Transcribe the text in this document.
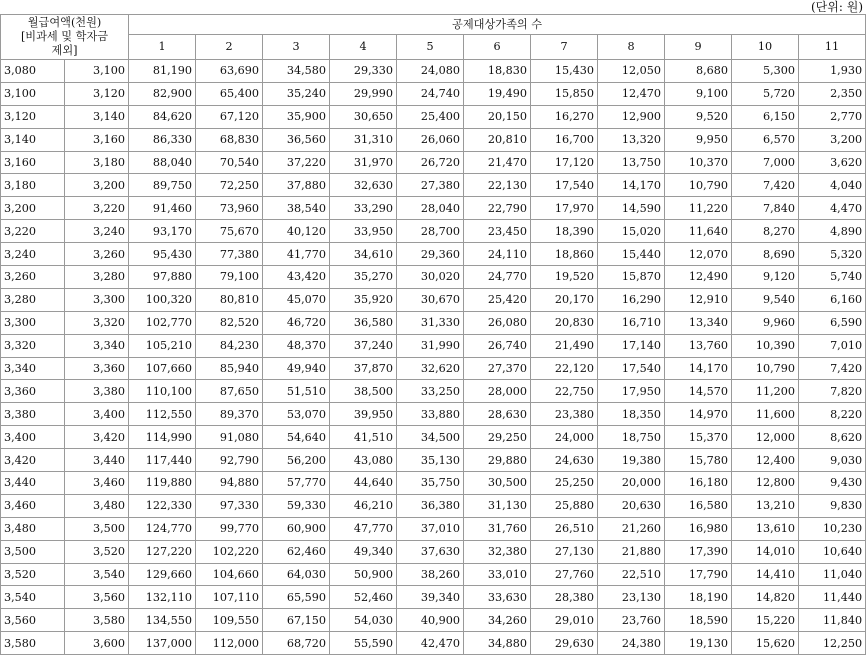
(단위: 원)
월급여액(천원)
[비과세 및 학자금
제외]		공제대상가족의 수										
		1	2	3	4	5	6	7	8	9	10	11
3,080	3,100	81,190	63,690	34,580	29,330	24,080	18,830	15,430	12,050	8,680	5,300	1,930
3,100	3,120	82,900	65,400	35,240	29,990	24,740	19,490	15,850	12,470	9,100	5,720	2,350
3,120	3,140	84,620	67,120	35,900	30,650	25,400	20,150	16,270	12,900	9,520	6,150	2,770
3,140	3,160	86,330	68,830	36,560	31,310	26,060	20,810	16,700	13,320	9,950	6,570	3,200
3,160	3,180	88,040	70,540	37,220	31,970	26,720	21,470	17,120	13,750	10,370	7,000	3,620
3,180	3,200	89,750	72,250	37,880	32,630	27,380	22,130	17,540	14,170	10,790	7,420	4,040
3,200	3,220	91,460	73,960	38,540	33,290	28,040	22,790	17,970	14,590	11,220	7,840	4,470
3,220	3,240	93,170	75,670	40,120	33,950	28,700	23,450	18,390	15,020	11,640	8,270	4,890
3,240	3,260	95,430	77,380	41,770	34,610	29,360	24,110	18,860	15,440	12,070	8,690	5,320
3,260	3,280	97,880	79,100	43,420	35,270	30,020	24,770	19,520	15,870	12,490	9,120	5,740
3,280	3,300	100,320	80,810	45,070	35,920	30,670	25,420	20,170	16,290	12,910	9,540	6,160
3,300	3,320	102,770	82,520	46,720	36,580	31,330	26,080	20,830	16,710	13,340	9,960	6,590
3,320	3,340	105,210	84,230	48,370	37,240	31,990	26,740	21,490	17,140	13,760	10,390	7,010
3,340	3,360	107,660	85,940	49,940	37,870	32,620	27,370	22,120	17,540	14,170	10,790	7,420
3,360	3,380	110,100	87,650	51,510	38,500	33,250	28,000	22,750	17,950	14,570	11,200	7,820
3,380	3,400	112,550	89,370	53,070	39,950	33,880	28,630	23,380	18,350	14,970	11,600	8,220
3,400	3,420	114,990	91,080	54,640	41,510	34,500	29,250	24,000	18,750	15,370	12,000	8,620
3,420	3,440	117,440	92,790	56,200	43,080	35,130	29,880	24,630	19,380	15,780	12,400	9,030
3,440	3,460	119,880	94,880	57,770	44,640	35,750	30,500	25,250	20,000	16,180	12,800	9,430
3,460	3,480	122,330	97,330	59,330	46,210	36,380	31,130	25,880	20,630	16,580	13,210	9,830
3,480	3,500	124,770	99,770	60,900	47,770	37,010	31,760	26,510	21,260	16,980	13,610	10,230
3,500	3,520	127,220	102,220	62,460	49,340	37,630	32,380	27,130	21,880	17,390	14,010	10,640
3,520	3,540	129,660	104,660	64,030	50,900	38,260	33,010	27,760	22,510	17,790	14,410	11,040
3,540	3,560	132,110	107,110	65,590	52,460	39,340	33,630	28,380	23,130	18,190	14,820	11,440
3,560	3,580	134,550	109,550	67,150	54,030	40,900	34,260	29,010	23,760	18,590	15,220	11,840
3,580	3,600	137,000	112,000	68,720	55,590	42,470	34,880	29,630	24,380	19,130	15,620	12,250
